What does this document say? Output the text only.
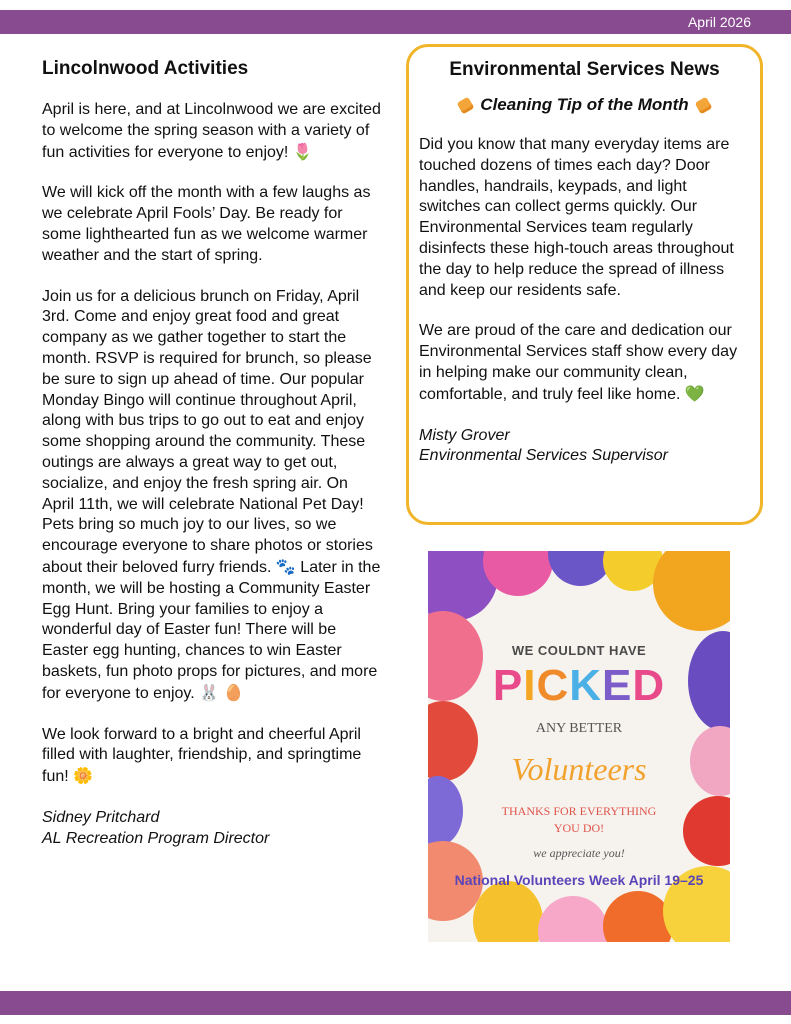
April 2026
Lincolnwood Activities

April is here, and at Lincolnwood we are excited to welcome the spring season with a variety of fun activities for everyone to enjoy! 🌷

We will kick off the month with a few laughs as we celebrate April Fools’ Day. Be ready for some lighthearted fun as we welcome warmer weather and the start of spring.

Join us for a delicious brunch on Friday, April 3rd. Come and enjoy great food and great company as we gather together to start the month. RSVP is required for brunch, so please be sure to sign up ahead of time. Our popular Monday Bingo will continue throughout April, along with bus trips to go out to eat and enjoy some shopping around the community. These outings are always a great way to get out, socialize, and enjoy the fresh spring air. On April 11th, we will celebrate National Pet Day! Pets bring so much joy to our lives, so we encourage everyone to share photos or stories about their beloved furry friends. 🐾 Later in the month, we will be hosting a Community Easter Egg Hunt. Bring your families to enjoy a wonderful day of Easter fun! There will be Easter egg hunting, chances to win Easter baskets, fun photo props for pictures, and more for everyone to enjoy. 🐰 🥚

We look forward to a bright and cheerful April filled with laughter, friendship, and springtime fun! 🌼

Sidney Pritchard

AL Recreation Program Director

Environmental Services News
Cleaning Tip of the Month

Did you know that many everyday items are touched dozens of times each day? Door handles, handrails, keypads, and light switches can collect germs quickly. Our Environmental Services team regularly disinfects these high-touch areas throughout the day to help reduce the spread of illness and keep our residents safe.

We are proud of the care and dedication our Environmental Services staff show every day in helping make our community clean, comfortable, and truly feel like home. 💚

Misty Grover

Environmental Services Supervisor

WE COULDNT HAVE
PICKED
ANY BETTER
Volunteers
THANKS FOR EVERYTHING
YOU DO!
we appreciate you!
National Volunteers Week April 19–25
